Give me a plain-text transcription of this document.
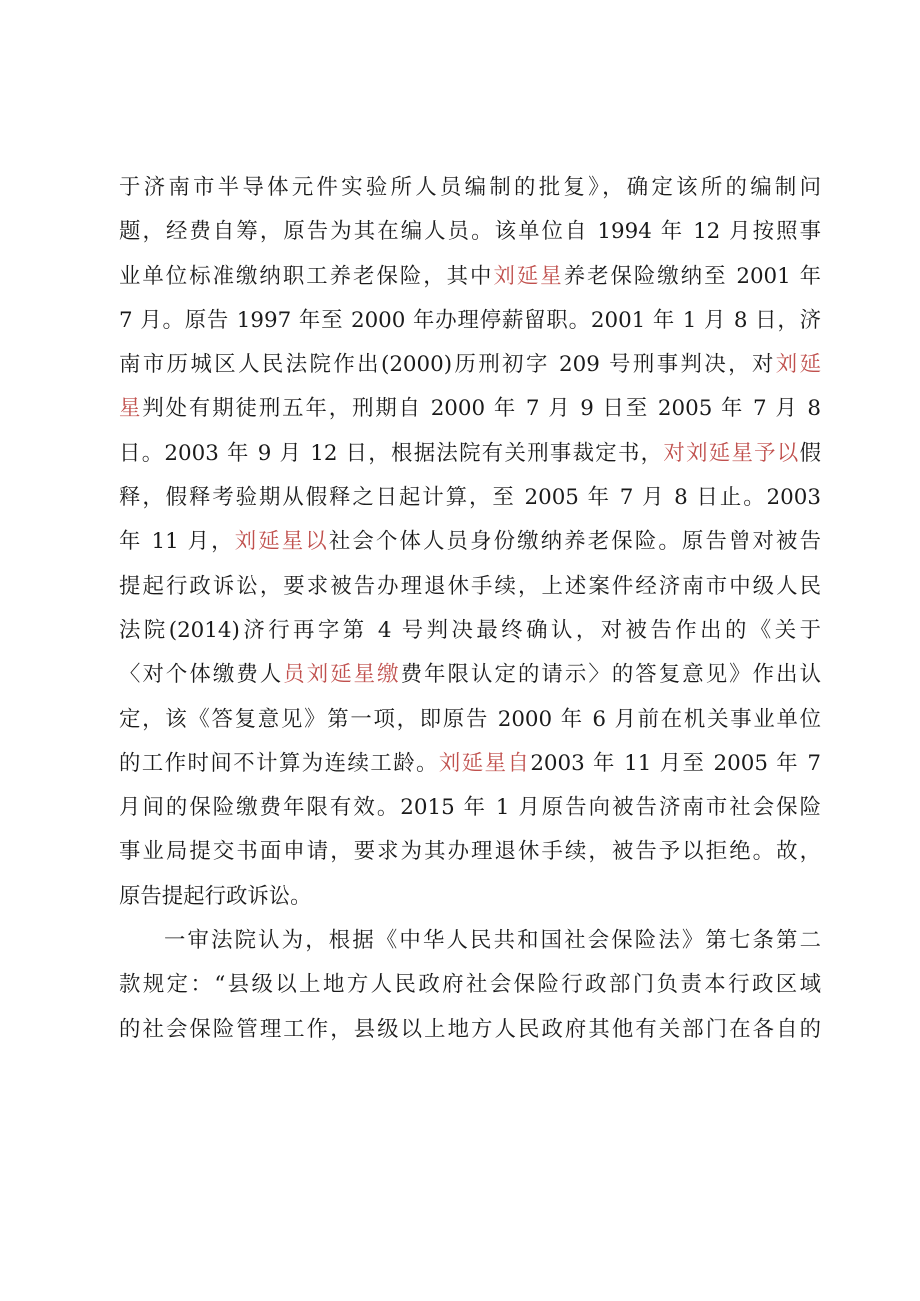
于济南市半导体元件实验所人员编制的批复》，确定该所的编制问
题，经费自筹，原告为其在编人员。该单位自 1994 年 12 月按照事
业单位标准缴纳职工养老保险，其中刘延星养老保险缴纳至 2001 年
7 月。原告 1997 年至 2000 年办理停薪留职。2001 年 1 月 8 日，济
南市历城区人民法院作出(2000)历刑初字 209 号刑事判决，对刘延
星判处有期徒刑五年，刑期自 2000 年 7 月 9 日至 2005 年 7 月 8
日。2003 年 9 月 12 日，根据法院有关刑事裁定书，对刘延星予以假
释，假释考验期从假释之日起计算，至 2005 年 7 月 8 日止。2003
年 11 月，刘延星以社会个体人员身份缴纳养老保险。原告曾对被告
提起行政诉讼，要求被告办理退休手续，上述案件经济南市中级人民
法院(2014)济行再字第 4 号判决最终确认，对被告作出的《关于
〈对个体缴费人员刘延星缴费年限认定的请示〉的答复意见》作出认
定，该《答复意见》第一项，即原告 2000 年 6 月前在机关事业单位
的工作时间不计算为连续工龄。刘延星自2003 年 11 月至 2005 年 7
月间的保险缴费年限有效。2015 年 1 月原告向被告济南市社会保险
事业局提交书面申请，要求为其办理退休手续，被告予以拒绝。故，
原告提起行政诉讼。
一审法院认为，根据《中华人民共和国社会保险法》第七条第二
款规定：“县级以上地方人民政府社会保险行政部门负责本行政区域
的社会保险管理工作，县级以上地方人民政府其他有关部门在各自的
